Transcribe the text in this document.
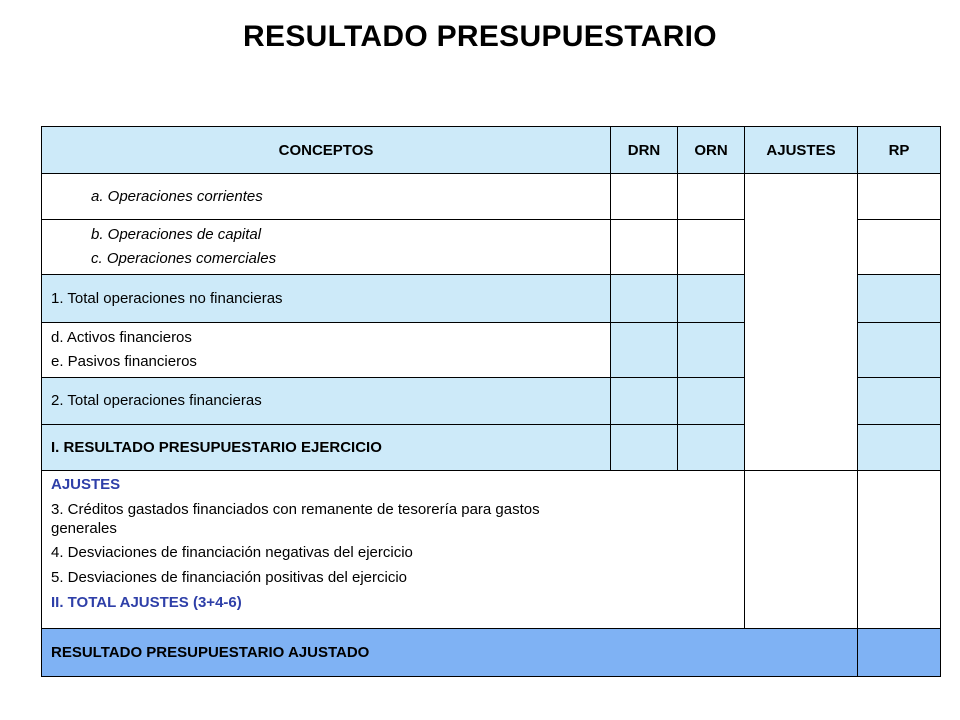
RESULTADO PRESUPUESTARIO
CONCEPTOS	DRN	ORN	AJUSTES	RP
a. Operaciones corrientes				

b. Operaciones de capital
c. Operaciones comerciales				

1. Total operaciones no financieras				

d. Activos financieros
e. Pasivos financieros				

2. Total operaciones financieras				
I. RESULTADO PRESUPUESTARIO EJERCICIO				

AJUSTES
3. Créditos gastados financiados con remanente de tesorería para gastos generales
4. Desviaciones de financiación negativas del ejercicio
5. Desviaciones de financiación positivas del ejercicio
II. TOTAL AJUSTES (3+4-6)				

RESULTADO PRESUPUESTARIO AJUSTADO				
